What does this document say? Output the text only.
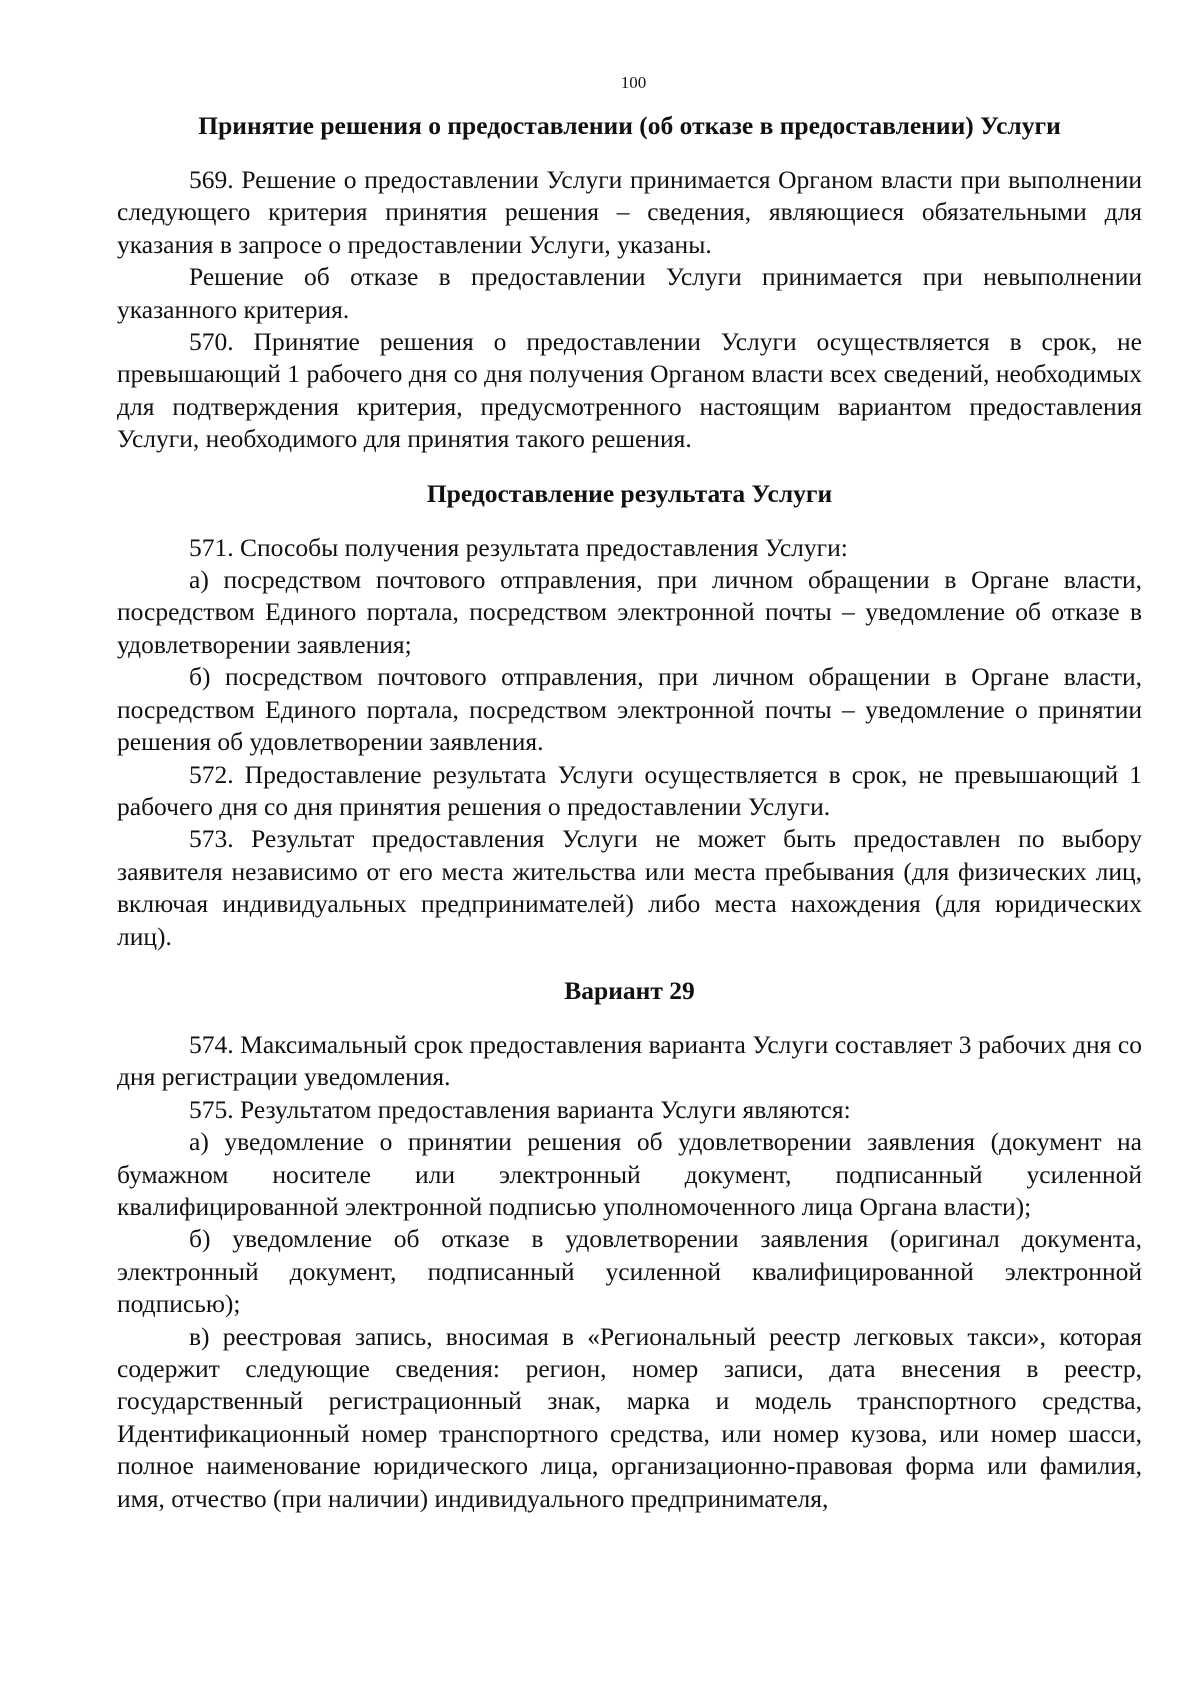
100
Принятие решения о предоставлении (об отказе в предоставлении) Услуги

569. Решение о предоставлении Услуги принимается Органом власти при выполнении следующего критерия принятия решения – сведения, являющиеся обязательными для указания в запросе о предоставлении Услуги, указаны.

Решение об отказе в предоставлении Услуги принимается при невыполнении указанного критерия.

570. Принятие решения о предоставлении Услуги осуществляется в срок, не превышающий 1 рабочего дня со дня получения Органом власти всех сведений, необходимых для подтверждения критерия, предусмотренного настоящим вариантом предоставления Услуги, необходимого для принятия такого решения.

Предоставление результата Услуги

571. Способы получения результата предоставления Услуги:

а) посредством почтового отправления, при личном обращении в Органе власти, посредством Единого портала, посредством электронной почты – уведомление об отказе в удовлетворении заявления;

б) посредством почтового отправления, при личном обращении в Органе власти, посредством Единого портала, посредством электронной почты – уведомление о принятии решения об удовлетворении заявления.

572. Предоставление результата Услуги осуществляется в срок, не превышающий 1 рабочего дня со дня принятия решения о предоставлении Услуги.

573. Результат предоставления Услуги не может быть предоставлен по выбору заявителя независимо от его места жительства или места пребывания (для физических лиц, включая индивидуальных предпринимателей) либо места нахождения (для юридических лиц).

Вариант 29

574. Максимальный срок предоставления варианта Услуги составляет 3 рабочих дня со дня регистрации уведомления.

575. Результатом предоставления варианта Услуги являются:

а) уведомление о принятии решения об удовлетворении заявления (документ на бумажном носителе или электронный документ, подписанный усиленной квалифицированной электронной подписью уполномоченного лица Органа власти);

б) уведомление об отказе в удовлетворении заявления (оригинал документа, электронный документ, подписанный усиленной квалифицированной электронной подписью);

в) реестровая запись, вносимая в «Региональный реестр легковых такси», которая содержит следующие сведения: регион, номер записи, дата внесения в реестр, государственный регистрационный знак, марка и модель транспортного средства, Идентификационный номер транспортного средства, или номер кузова, или номер шасси, полное наименование юридического лица, организационно-правовая форма или фамилия, имя, отчество (при наличии) индивидуального предпринимателя,
